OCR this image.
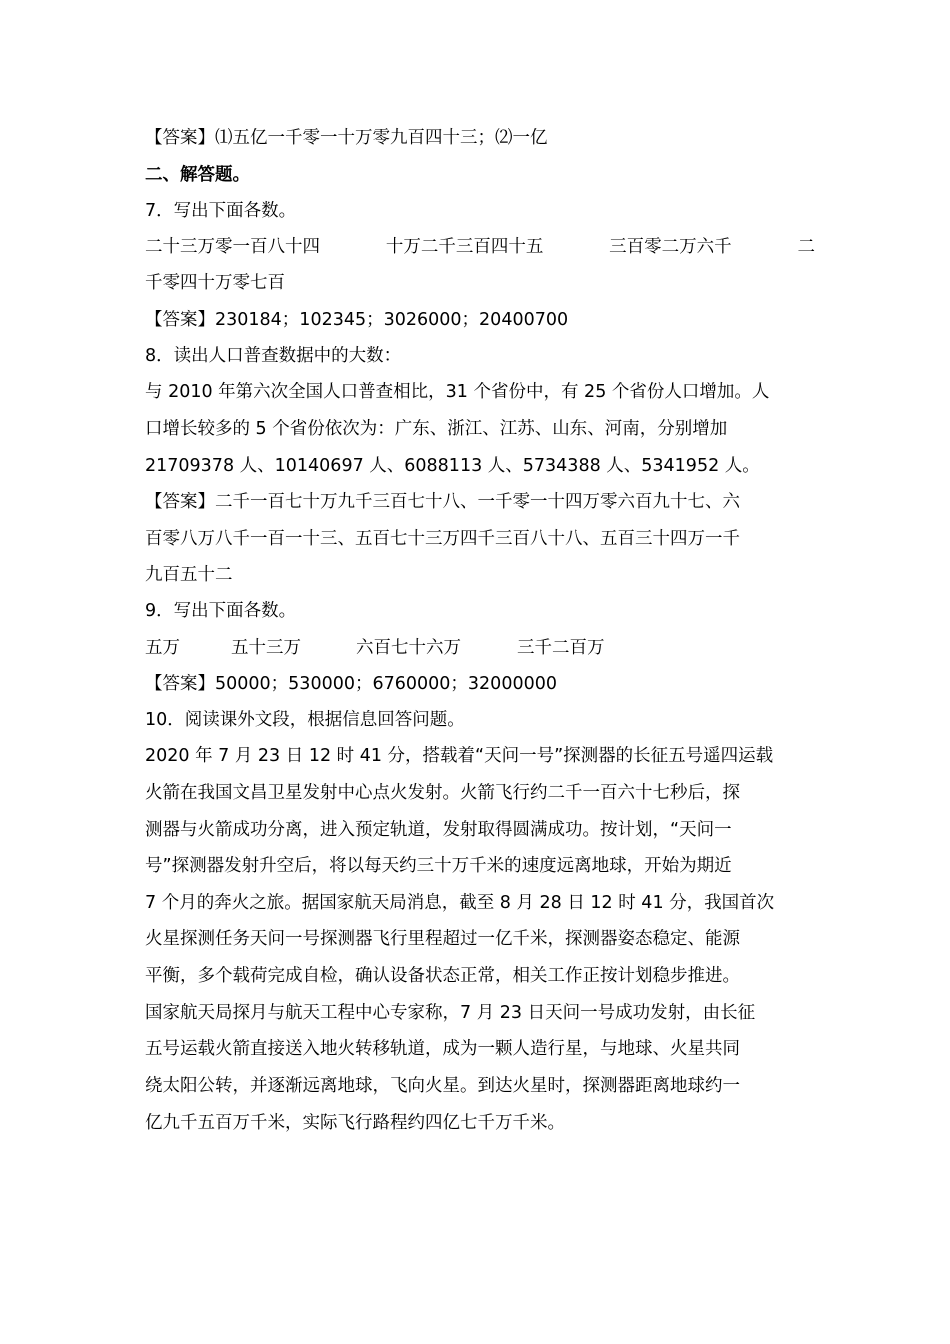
【答案】⑴五亿一千零一十万零九百四十三；⑵一亿
二、解答题。
7．写出下面各数。
二十三万零一百八十四	十万二千三百四十五	三百零二万六千	二
千零四十万零七百
【答案】230184；102345；3026000；20400700
8．读出人口普查数据中的大数：
与 2010 年第六次全国人口普查相比，31 个省份中，有 25 个省份人口增加。人
口增长较多的 5 个省份依次为：广东、浙江、江苏、山东、河南，分别增加
21709378 人、10140697 人、6088113 人、5734388 人、5341952 人。
【答案】二千一百七十万九千三百七十八、一千零一十四万零六百九十七、六
百零八万八千一百一十三、五百七十三万四千三百八十八、五百三十四万一千
九百五十二
9．写出下面各数。
五万	五十三万	六百七十六万	三千二百万
【答案】50000；530000；6760000；32000000
10．阅读课外文段，根据信息回答问题。
2020 年 7 月 23 日 12 时 41 分，搭载着“天问一号”探测器的长征五号遥四运载
火箭在我国文昌卫星发射中心点火发射。火箭飞行约二千一百六十七秒后，探
测器与火箭成功分离，进入预定轨道，发射取得圆满成功。按计划，“天问一
号”探测器发射升空后，将以每天约三十万千米的速度远离地球，开始为期近
7 个月的奔火之旅。据国家航天局消息，截至 8 月 28 日 12 时 41 分，我国首次
火星探测任务天问一号探测器飞行里程超过一亿千米，探测器姿态稳定、能源
平衡，多个载荷完成自检，确认设备状态正常，相关工作正按计划稳步推进。
国家航天局探月与航天工程中心专家称，7 月 23 日天问一号成功发射，由长征
五号运载火箭直接送入地火转移轨道，成为一颗人造行星，与地球、火星共同
绕太阳公转，并逐渐远离地球，飞向火星。到达火星时，探测器距离地球约一
亿九千五百万千米，实际飞行路程约四亿七千万千米。
